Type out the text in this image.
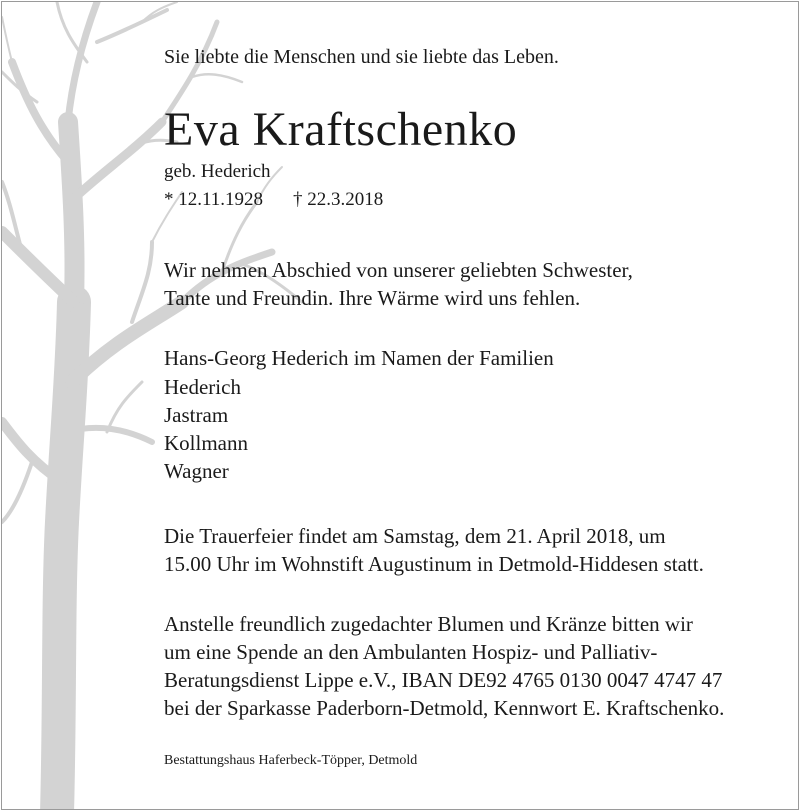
Sie liebte die Menschen und sie liebte das Leben.

Eva Kraftschenko

geb. Hederich

* 12.11.1928 † 22.3.2018

Wir nehmen Abschied von unserer geliebten Schwester,
Tante und Freundin. Ihre Wärme wird uns fehlen.

Hans-Georg Hederich im Namen der Familien

Hederich
Jastram
Kollmann
Wagner
Die Trauerfeier findet am Samstag, dem 21. April 2018, um
15.00 Uhr im Wohnstift Augustinum in Detmold-Hiddesen statt.
Anstelle freundlich zugedachter Blumen und Kränze bitten wir
um eine Spende an den Ambulanten Hospiz- und Palliativ-
Beratungsdienst Lippe e.V., IBAN DE92 4765 0130 0047 4747 47
bei der Sparkasse Paderborn-Detmold, Kennwort E. Kraftschenko.

Bestattungshaus Haferbeck-Töpper, Detmold
